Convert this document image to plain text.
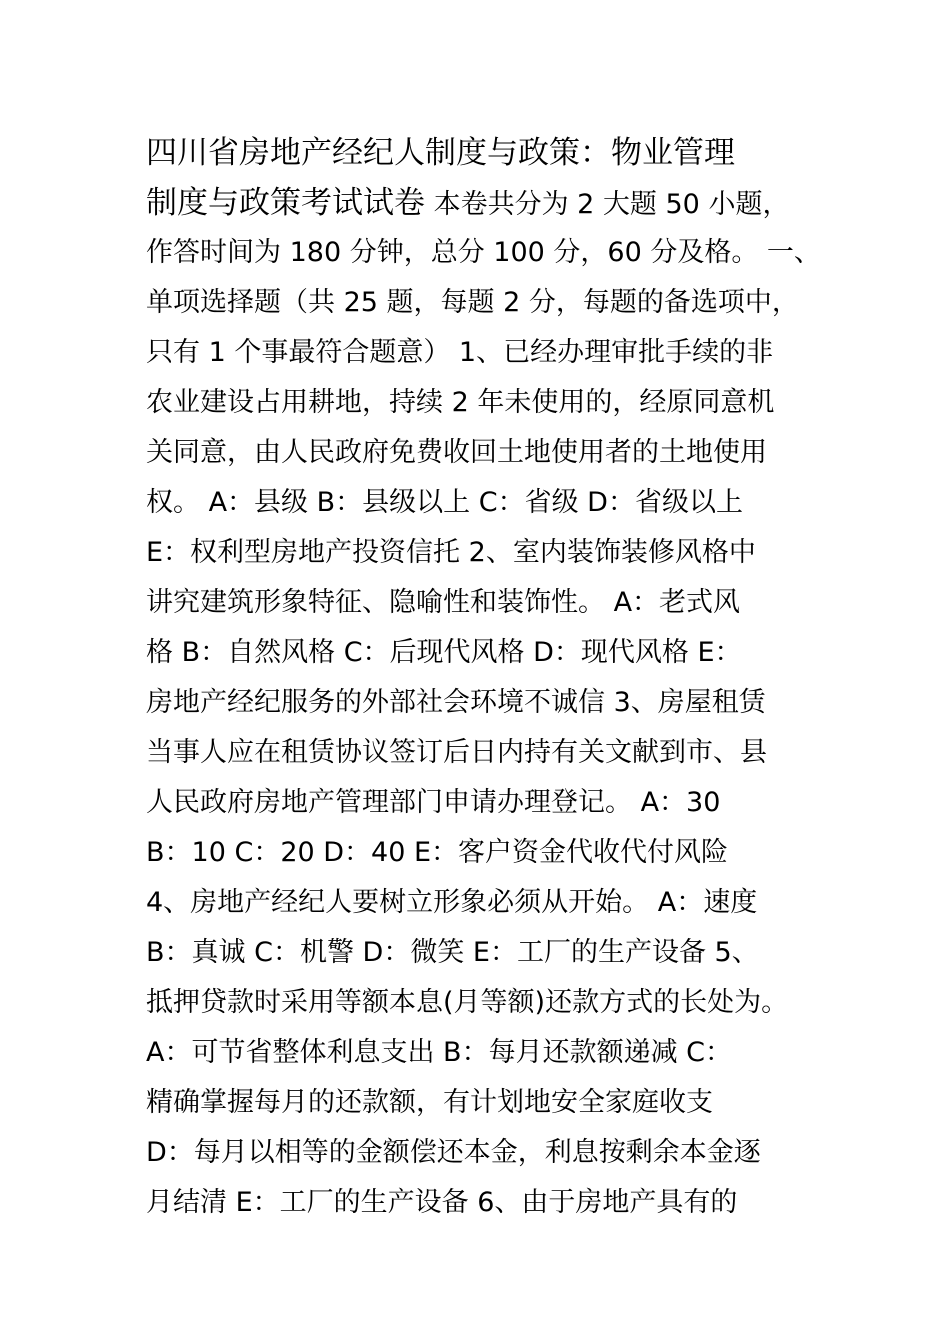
四川省房地产经纪人制度与政策：物业管理
制度与政策考试试卷 本卷共分为 2 大题 50 小题，
作答时间为 180 分钟，总分 100 分，60 分及格。 一、
单项选择题（共 25 题，每题 2 分，每题的备选项中，
只有 1 个事最符合题意） 1、已经办理审批手续的非
农业建设占用耕地，持续 2 年未使用的，经原同意机
关同意，由人民政府免费收回土地使用者的土地使用
权。 A：县级 B：县级以上 C：省级 D：省级以上
E：权利型房地产投资信托 2、室内装饰装修风格中
讲究建筑形象特征、隐喻性和装饰性。 A：老式风
格 B：自然风格 C：后现代风格 D：现代风格 E：
房地产经纪服务的外部社会环境不诚信 3、房屋租赁
当事人应在租赁协议签订后日内持有关文献到市、县
人民政府房地产管理部门申请办理登记。 A：30
B：10 C：20 D：40 E：客户资金代收代付风险
4、房地产经纪人要树立形象必须从开始。 A：速度
B：真诚 C：机警 D：微笑 E：工厂的生产设备 5、
抵押贷款时采用等额本息(月等额)还款方式的长处为。
A：可节省整体利息支出 B：每月还款额递减 C：
精确掌握每月的还款额，有计划地安全家庭收支
D：每月以相等的金额偿还本金，利息按剩余本金逐
月结清 E：工厂的生产设备 6、由于房地产具有的
